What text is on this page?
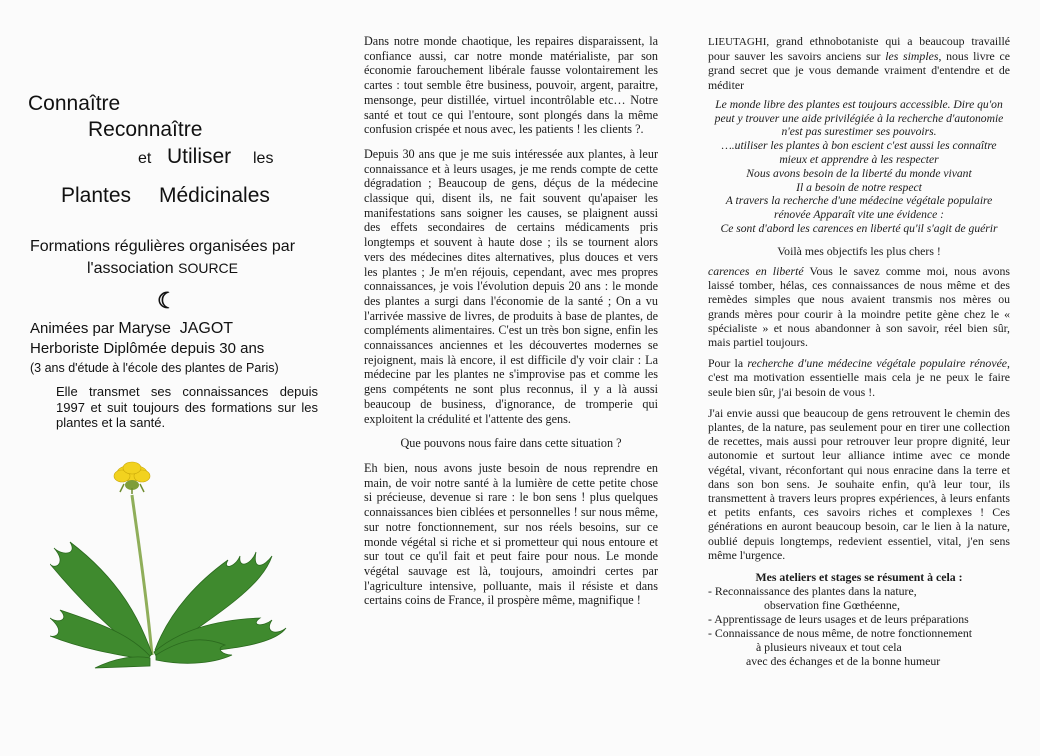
Connaître

Reconnaître

et Utiliser les

Plantes Médicinales

Formations régulières organisées par

l'association SOURCE

☽

Animées par Maryse  JAGOT

Herboriste Diplômée depuis 30 ans

(3 ans d'étude à l'école des plantes de Paris)

Elle transmet ses connaissances depuis 1997 et suit toujours des formations sur les plantes et la santé.

Dans notre monde chaotique, les repaires disparaissent, la confiance aussi, car notre monde matérialiste, par son économie farouchement libérale fausse volontairement les cartes : tout semble être business, pouvoir, argent, paraitre, mensonge, peur distillée, virtuel incontrôlable etc… Notre santé et tout ce qui l'entoure, sont plongés dans la même confusion crispée et nous avec, les patients ! les clients ?.

Depuis 30 ans que je me suis intéressée aux plantes, à leur connaissance et à leurs usages, je me rends compte de cette dégradation ; Beaucoup de gens, déçus de la médecine classique qui, disent ils, ne fait souvent qu'apaiser les manifestations sans soigner les causes, se plaignent aussi des effets secondaires de certains médicaments pris longtemps et souvent à haute dose ; ils se tournent alors vers des médecines dites alternatives, plus douces et vers les plantes ; Je m'en réjouis, cependant, avec mes propres connaissances, je vois l'évolution depuis 20 ans : le monde des plantes a surgi dans l'économie de la santé ; On a vu l'arrivée massive de livres, de produits à base de plantes, de compléments alimentaires. C'est un très bon signe, enfin les connaissances anciennes et les découvertes modernes se rejoignent, mais là encore, il est difficile d'y voir clair : La médecine par les plantes ne s'improvise pas et comme les gens compétents ne sont plus reconnus, il y a là aussi beaucoup de business, d'ignorance, de tromperie qui exploitent la crédulité et l'attente des gens.

Que pouvons nous faire dans cette situation ?

Eh bien, nous avons juste besoin de nous reprendre en main, de voir notre santé à la lumière de cette petite chose si précieuse, devenue si rare : le bon sens ! plus quelques connaissances bien ciblées et personnelles ! sur nous même, sur notre fonctionnement, sur nos réels besoins, sur ce monde végétal si riche et si prometteur qui nous entoure et sur tout ce qu'il fait et peut faire pour nous. Le monde végétal sauvage est là, toujours, amoindri certes par l'agriculture intensive, polluante, mais il résiste et dans certains coins de France, il prospère même, magnifique !

LIEUTAGHI, grand ethnobotaniste qui a beaucoup travaillé pour sauver les savoirs anciens sur les simples, nous livre ce grand secret que je vous demande vraiment d'entendre et de méditer

Le monde libre des plantes est toujours accessible. Dire qu'on peut y trouver une aide privilégiée à la recherche d'autonomie n'est pas surestimer ses pouvoirs.

….utiliser les plantes à bon escient c'est aussi les connaître mieux et apprendre à les respecter

Nous avons besoin de la liberté du monde vivant

Il a besoin de notre respect

A travers la recherche d'une médecine végétale populaire rénovée Apparaît vite une évidence :

Ce sont d'abord les carences en liberté qu'il s'agit de guérir

Voilà mes objectifs les plus chers !

carences en liberté Vous le savez comme moi, nous avons laissé tomber, hélas, ces connaissances de nous même et des remèdes simples que nous avaient transmis nos mères ou grands mères pour courir à la moindre petite gène chez le « spécialiste » et nous abandonner à son savoir, réel bien sûr, mais partiel toujours.

Pour la recherche d'une médecine végétale populaire rénovée, c'est ma motivation essentielle mais cela je ne peux le faire seule bien sûr, j'ai besoin de vous !.

J'ai envie aussi que beaucoup de gens retrouvent le chemin des plantes, de la nature, pas seulement pour en tirer une collection de recettes, mais aussi pour retrouver leur propre dignité, leur autonomie et surtout leur alliance intime avec ce monde végétal, vivant, réconfortant qui nous enracine dans la terre et dans son bon sens. Je souhaite enfin, qu'à leur tour, ils transmettent à travers leurs propres expériences, à leurs enfants et petits enfants, ces savoirs riches et complexes ! Ces générations en auront beaucoup besoin, car le lien à la nature, oublié depuis longtemps, redevient essentiel, vital, j'en sens même l'urgence.

Mes ateliers et stages se résument à cela :

- Reconnaissance des plantes dans la nature,
observation fine Gœthéenne,
- Apprentissage de leurs usages et de leurs préparations
- Connaissance de nous même, de notre fonctionnement
à plusieurs niveaux et tout cela
avec des échanges et de la bonne humeur
